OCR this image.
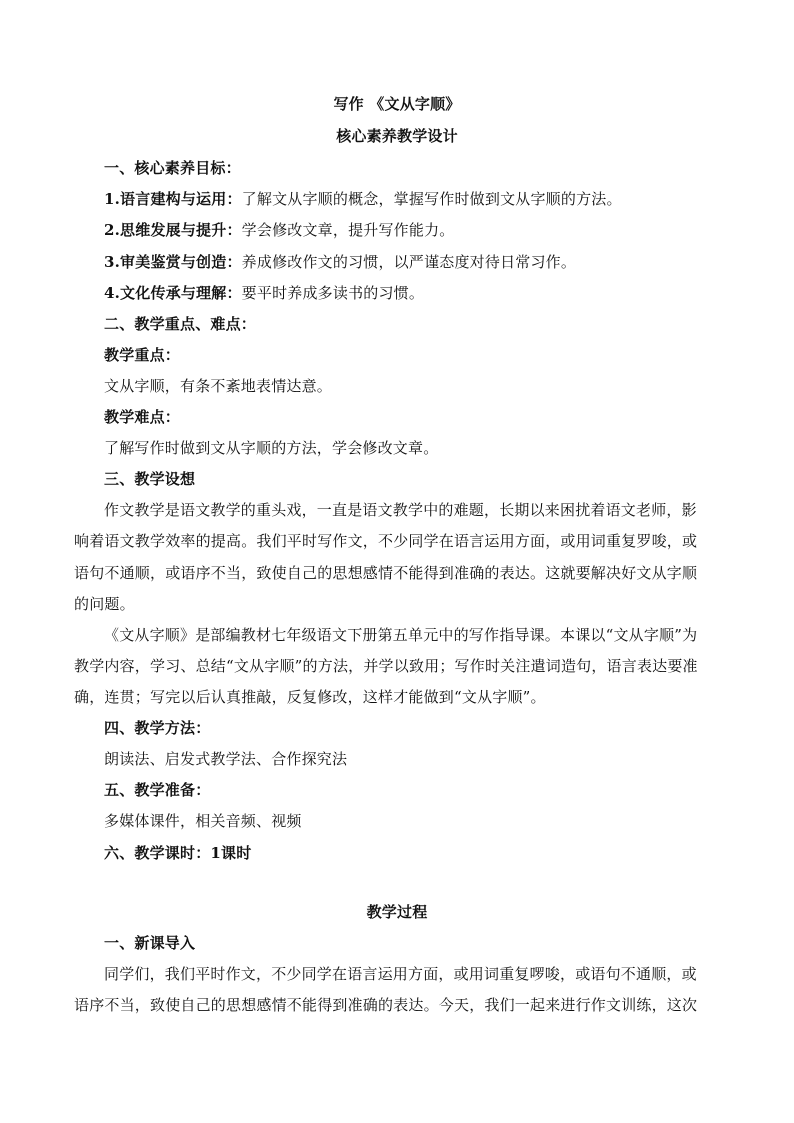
写作 《文从字顺》
核心素养教学设计
一、核心素养目标：
1.语言建构与运用：了解文从字顺的概念，掌握写作时做到文从字顺的方法。
2.思维发展与提升：学会修改文章，提升写作能力。
3.审美鉴赏与创造：养成修改作文的习惯，以严谨态度对待日常习作。
4.文化传承与理解：要平时养成多读书的习惯。
二、教学重点、难点：
教学重点：
文从字顺，有条不紊地表情达意。
教学难点：
了解写作时做到文从字顺的方法，学会修改文章。
三、教学设想
作文教学是语文教学的重头戏，一直是语文教学中的难题，长期以来困扰着语文老师，影
响着语文教学效率的提高。我们平时写作文，不少同学在语言运用方面，或用词重复罗唆，或
语句不通顺，或语序不当，致使自己的思想感情不能得到准确的表达。这就要解决好文从字顺
的问题。
《文从字顺》是部编教材七年级语文下册第五单元中的写作指导课。本课以“文从字顺”为
教学内容，学习、总结“文从字顺”的方法，并学以致用；写作时关注遣词造句，语言表达要准
确，连贯；写完以后认真推敲，反复修改，这样才能做到“文从字顺”。
四、教学方法：
朗读法、启发式教学法、合作探究法
五、教学准备：
多媒体课件，相关音频、视频
六、教学课时：1课时
教学过程
一、新课导入
同学们，我们平时作文，不少同学在语言运用方面，或用词重复啰唆，或语句不通顺，或
语序不当，致使自己的思想感情不能得到准确的表达。今天，我们一起来进行作文训练，这次
